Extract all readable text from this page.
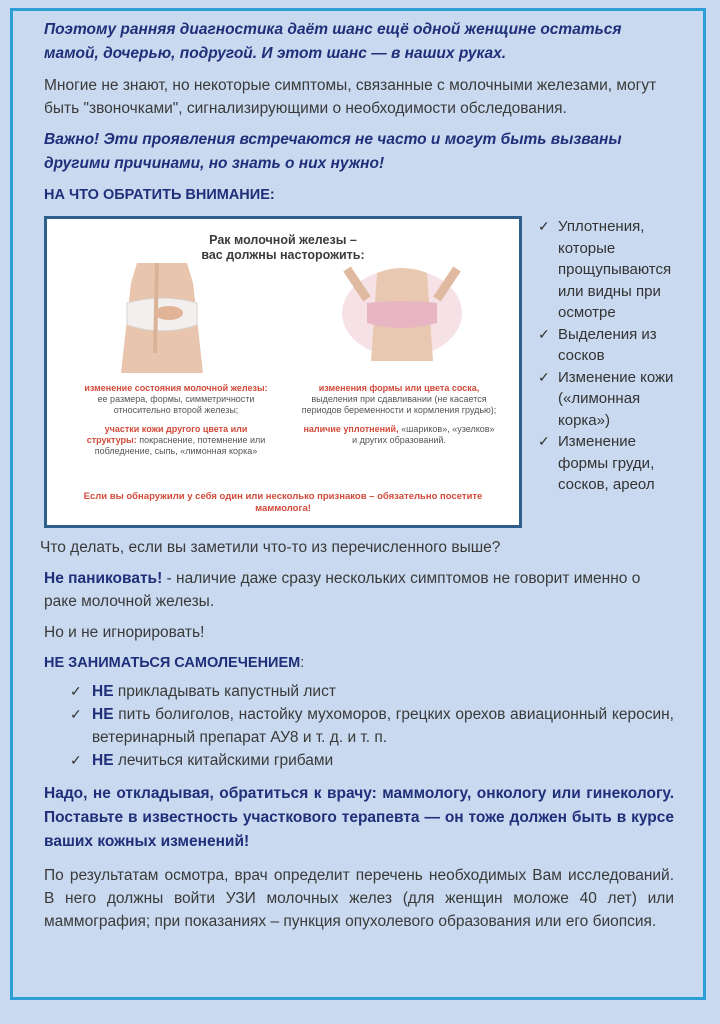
Поэтому ранняя диагностика даёт шанс ещё одной женщине остаться мамой, дочерью, подругой. И этот шанс — в наших руках.

Многие не знают, но некоторые симптомы, связанные с молочными железами, могут быть "звоночками", сигнализирующими о необходимости обследования.

Важно! Эти проявления встречаются не часто и могут быть вызваны другими причинами, но знать о них нужно!

НА ЧТО ОБРАТИТЬ ВНИМАНИЕ:

Рак молочной железы –
вас должны насторожить:
изменение состояния молочной железы: ее размера, формы, симметричности относительно второй железы;
участки кожи другого цвета или структуры: покраснение, потемнение или побледнение, сыпь, «лимонная корка»
изменения формы или цвета соска, выделения при сдавливании (не касается периодов беременности и кормления грудью);
наличие уплотнений, «шариков», «узелков» и других образований.
Если вы обнаружили у себя один или несколько признаков – обязательно посетите маммолога!
✓ Уплотнения, которые прощупываются или видны при осмотре
✓ Выделения из сосков
✓ Изменение кожи («лимонная корка»)
✓ Изменение формы груди, сосков, ареол

Что делать, если вы заметили что-то из перечисленного выше?

Не паниковать! - наличие даже сразу нескольких симптомов не говорит именно о раке молочной железы.

Но и не игнорировать!

НЕ ЗАНИМАТЬСЯ САМОЛЕЧЕНИЕМ:

✓ НЕ прикладывать капустный лист
✓ НЕ пить болиголов, настойку мухоморов, грецких орехов авиационный керосин, ветеринарный препарат АУ8 и т. д. и т. п.
✓ НЕ лечиться китайскими грибами

Надо, не откладывая, обратиться к врачу: маммологу, онкологу или гинекологу. Поставьте в известность участкового терапевта — он тоже должен быть в курсе ваших кожных изменений!

По результатам осмотра, врач определит перечень необходимых Вам исследований. В него должны войти УЗИ молочных желез (для женщин моложе 40 лет) или маммография; при показаниях – пункция опухолевого образования или его биопсия.
